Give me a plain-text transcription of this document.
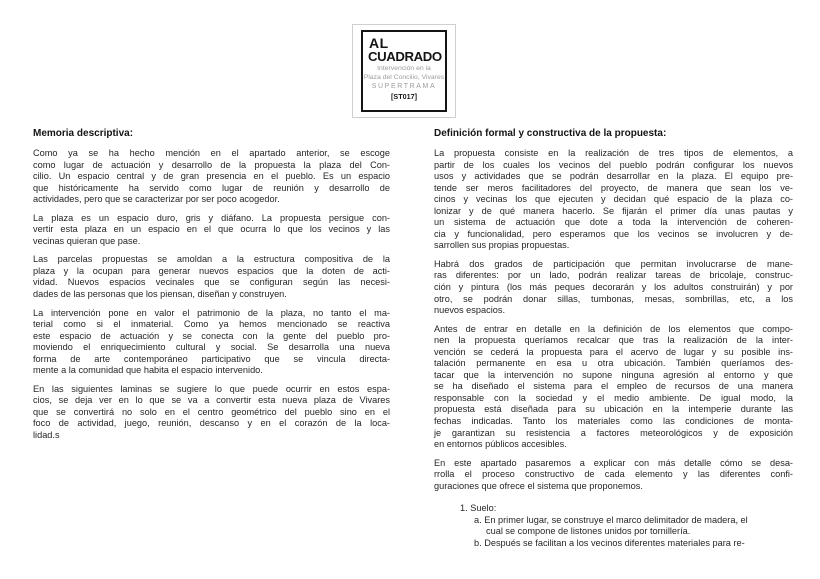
AL
CUADRADO
Intervención en la
Plaza del Concilio, Vivares
SUPERTRAMA
[ST017]
Memoria descriptiva:
Como ya se ha hecho mención en el apartado anterior, se escoge
como lugar de actuación y desarrollo de la propuesta la plaza del Con-
cilio. Un espacio central y de gran presencia en el pueblo. Es un espacio
que históricamente ha servido como lugar de reunión y desarrollo de
actividades, pero que se caracterizar por ser poco acogedor.
La plaza es un espacio duro, gris y diáfano. La propuesta persigue con-
vertir esta plaza en un espacio en el que ocurra lo que los vecinos y las
vecinas quieran que pase.
Las parcelas propuestas se amoldan a la estructura compositiva de la
plaza y la ocupan para generar nuevos espacios que la doten de acti-
vidad. Nuevos espacios vecinales que se configuran según las necesi-
dades de las personas que los piensan, diseñan y construyen.
La intervención pone en valor el patrimonio de la plaza, no tanto el ma-
terial como si el inmaterial. Como ya hemos mencionado se reactiva
este espacio de actuación y se conecta con la gente del pueblo pro-
moviendo el enriquecimiento cultural y social. Se desarrolla una nueva
forma de arte contemporáneo participativo que se vincula directa-
mente a la comunidad que habita el espacio intervenido.
En las siguientes laminas se sugiere lo que puede ocurrir en estos espa-
cios, se deja ver en lo que se va a convertir esta nueva plaza de Vivares
que se convertirá no solo en el centro geométrico del pueblo sino en el
foco de actividad, juego, reunión, descanso y en el corazón de la loca-
lidad.s
Definición formal y constructiva de la propuesta:
La propuesta consiste en la realización de tres tipos de elementos, a
partir de los cuales los vecinos del pueblo podrán configurar los nuevos
usos y actividades que se podrán desarrollar en la plaza. El equipo pre-
tende ser meros facilitadores del proyecto, de manera que sean los ve-
cinos y vecinas los que ejecuten y decidan qué espacio de la plaza co-
lonizar y de qué manera hacerlo. Se fijarán el primer día unas pautas y
un sistema de actuación que dote a toda la intervención de coheren-
cia y funcionalidad, pero esperamos que los vecinos se involucren y de-
sarrollen sus propias propuestas.
Habrá dos grados de participación que permitan involucrarse de mane-
ras diferentes: por un lado, podrán realizar tareas de bricolaje, construc-
ción y pintura (los más peques decorarán y los adultos construirán) y por
otro, se podrán donar sillas, tumbonas, mesas, sombrillas, etc, a los
nuevos espacios.
Antes de entrar en detalle en la definición de los elementos que compo-
nen la propuesta queríamos recalcar que tras la realización de la inter-
vención se cederá la propuesta para el acervo de lugar y su posible ins-
talación permanente en esa u otra ubicación. También queríamos des-
tacar que la intervención no supone ninguna agresión al entorno y que
se ha diseñado el sistema para el empleo de recursos de una manera
responsable con la sociedad y el medio ambiente. De igual modo, la
propuesta está diseñada para su ubicación en la intemperie durante las
fechas indicadas. Tanto los materiales como las condiciones de monta-
je garantizan su resistencia a factores meteorológicos y de exposición
en entornos públicos accesibles.
En este apartado pasaremos a explicar con más detalle cómo se desa-
rrolla el proceso constructivo de cada elemento y las diferentes confi-
guraciones que ofrece el sistema que proponemos.
1. Suelo:
a. En primer lugar, se construye el marco delimitador de madera, el
cual se compone de listones unidos por tornillería.
b. Después se facilitan a los vecinos diferentes materiales para re-
